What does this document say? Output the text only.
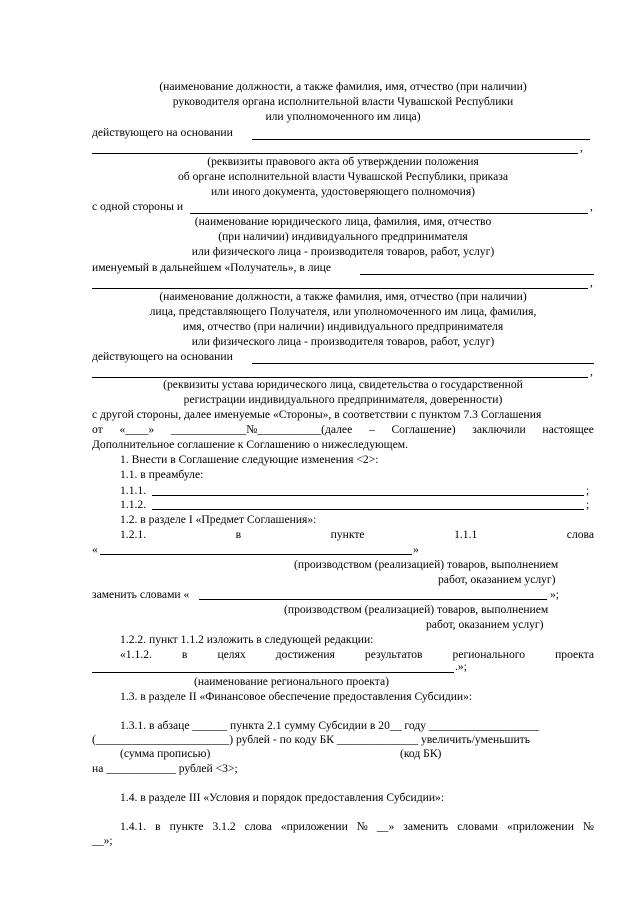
(наименование должности, а также фамилия, имя, отчество (при наличии)
руководителя органа исполнительной власти Чувашской Республики
или уполномоченного им лица)
действующего на основании
,
(реквизиты правового акта об утверждении положения
об органе исполнительной власти Чувашской Республики, приказа
или иного документа, удостоверяющего полномочия)
с одной стороны и	,
(наименование юридического лица, фамилия, имя, отчество
(при наличии) индивидуального предпринимателя
или физического лица - производителя товаров, работ, услуг)
именуемый в дальнейшем «Получатель», в лице
,
(наименование должности, а также фамилия, имя, отчество (при наличии)
лица, представляющего Получателя, или уполномоченного им лица, фамилия,
имя, отчество (при наличии) индивидуального предпринимателя
или физического лица - производителя товаров, работ, услуг)
действующего на основании
,
(реквизиты устава юридического лица, свидетельства о государственной
регистрации индивидуального предпринимателя, доверенности)
с другой стороны, далее именуемые «Стороны», в соответствии с пунктом 7.3 Соглашения
от «____» _____________№___________(далее – Соглашение) заключили настоящее
Дополнительное соглашение к Соглашению о нижеследующем.
1. Внести в Соглашение следующие изменения <2>:
1.1. в преамбуле:
1.1.1.	;
1.1.2.	;
1.2. в разделе I «Предмет Соглашения»:
1.2.1.	в	пункте	1.1.1	слова
«	»
(производством (реализацией) товаров, выполнением
работ, оказанием услуг)
заменить словами «	»;
(производством (реализацией) товаров, выполнением
работ, оказанием услуг)
1.2.2. пункт 1.1.2 изложить в следующей редакции:
«1.1.2.	в	целях	достижения	результатов	регионального	проекта
.»;
(наименование регионального проекта)
1.3. в разделе II «Финансовое обеспечение предоставления Субсидии»:
1.3.1. в абзаце ______ пункта 2.1 сумму Субсидии в 20__ году ___________________
(_______________________) рублей - по коду БК ______________ увеличить/уменьшить
(сумма прописью)	(код БК)
на ____________ рублей <3>;
1.4. в разделе III «Условия и порядок предоставления Субсидии»:
1.4.1. в пункте 3.1.2 слова «приложении № __» заменить словами «приложении №
__»;
